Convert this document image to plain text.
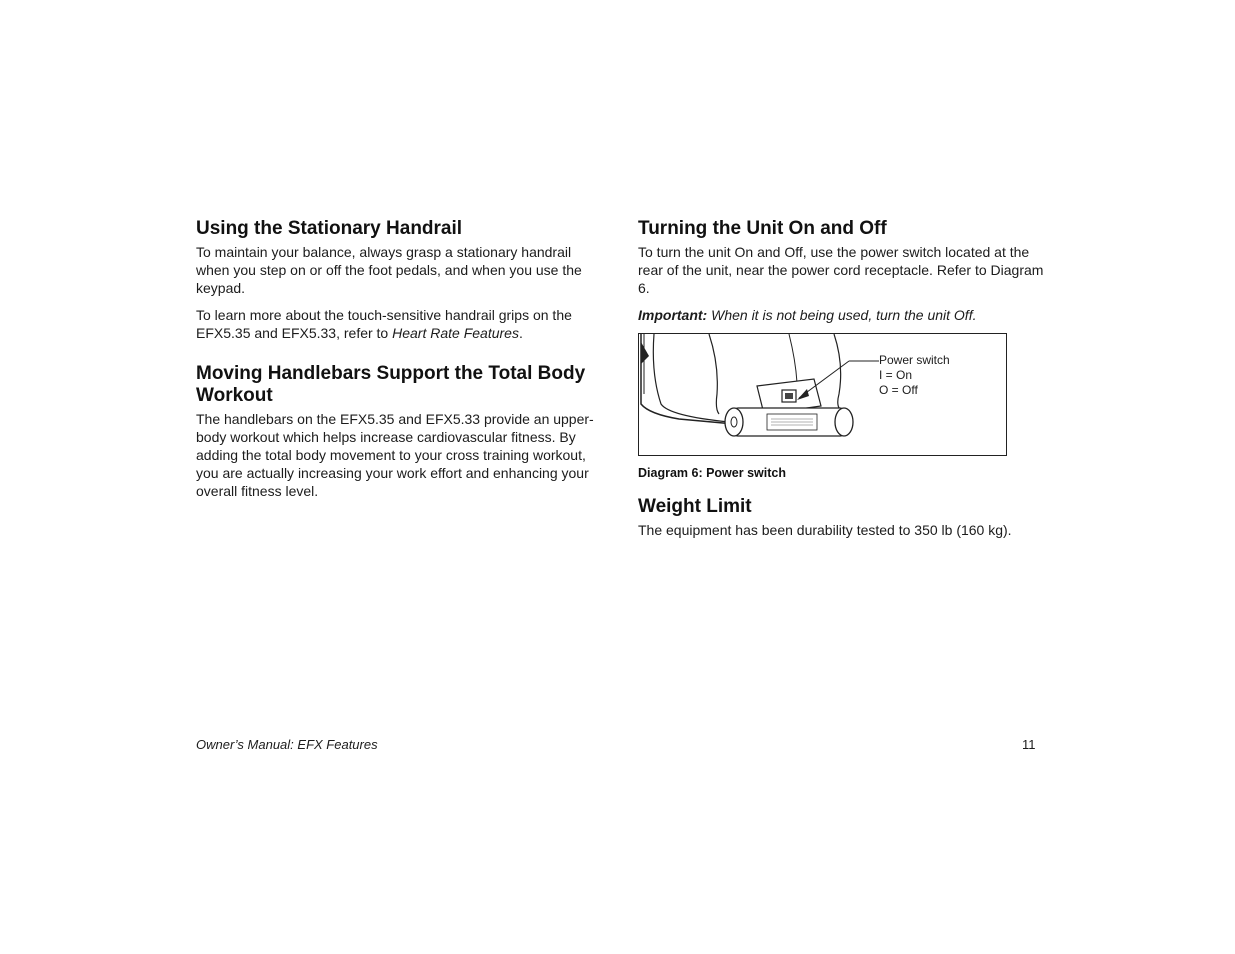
Using the Stationary Handrail

To maintain your balance, always grasp a stationary handrail when you step on or off the foot pedals, and when you use the keypad.

To learn more about the touch-sensitive handrail grips on the EFX5.35 and EFX5.33, refer to Heart Rate Features.

Moving Handlebars Support the Total Body Workout

The handlebars on the EFX5.35 and EFX5.33 provide an upper-body workout which helps increase cardiovascular fitness. By adding the total body movement to your cross training workout, you are actually increasing your work effort and enhancing your overall fitness level.

Turning the Unit On and Off

To turn the unit On and Off, use the power switch located at the rear of the unit, near the power cord receptacle. Refer to Diagram 6.

Important: When it is not being used, turn the unit Off.

Power switch
I = On
O = Off
Diagram 6: Power switch
Weight Limit

The equipment has been durability tested to 350 lb (160 kg).

Owner’s Manual: EFX Features	11
